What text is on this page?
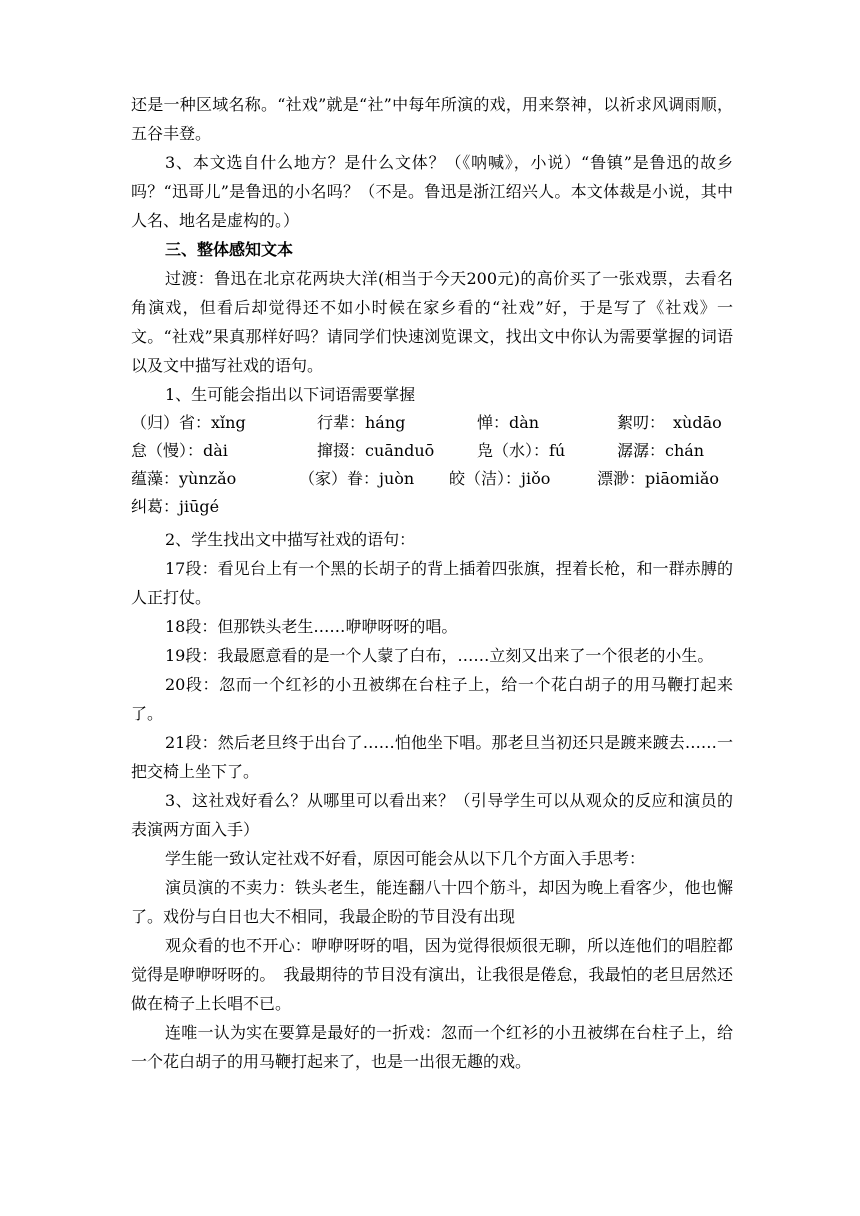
还是一种区域名称。“社戏”就是“社”中每年所演的戏，用来祭神，以祈求风调雨顺，五谷丰登。

3、本文选自什么地方？是什么文体？（《呐喊》，小说）“鲁镇”是鲁迅的故乡吗？“迅哥儿”是鲁迅的小名吗？（不是。鲁迅是浙江绍兴人。本文体裁是小说，其中人名、地名是虚构的。）

三、整体感知文本

过渡：鲁迅在北京花两块大洋(相当于今天200元)的高价买了一张戏票，去看名角演戏，但看后却觉得还不如小时候在家乡看的“社戏”好，于是写了《社戏》一文。“社戏”果真那样好吗？请同学们快速浏览课文，找出文中你认为需要掌握的词语以及文中描写社戏的语句。

1、生可能会指出以下词语需要掌握

（归）省：xǐng	行辈：háng	惮：dàn	絮叨：　xùdāo
怠（慢）：dài	撺掇：cuānduō	凫（水）：fú	潺潺：chán
蕴藻：yùnzǎo	（家）眷：juòn 皎（洁）：jiǒo	漂渺：piāomiǎo
纠葛：jiūgé

2、学生找出文中描写社戏的语句：

17段：看见台上有一个黑的长胡子的背上插着四张旗，捏着长枪，和一群赤膊的人正打仗。

18段：但那铁头老生……咿咿呀呀的唱。

19段：我最愿意看的是一个人蒙了白布，……立刻又出来了一个很老的小生。

20段：忽而一个红衫的小丑被绑在台柱子上，给一个花白胡子的用马鞭打起来了。

21段：然后老旦终于出台了……怕他坐下唱。那老旦当初还只是踱来踱去……一把交椅上坐下了。

3、这社戏好看么？从哪里可以看出来？（引导学生可以从观众的反应和演员的表演两方面入手）

学生能一致认定社戏不好看，原因可能会从以下几个方面入手思考：

演员演的不卖力：铁头老生，能连翻八十四个筋斗，却因为晚上看客少，他也懈了。戏份与白日也大不相同，我最企盼的节目没有出现

观众看的也不开心：咿咿呀呀的唱，因为觉得很烦很无聊，所以连他们的唱腔都觉得是咿咿呀呀的。　我最期待的节目没有演出，让我很是倦怠，我最怕的老旦居然还做在椅子上长唱不已。

连唯一认为实在要算是最好的一折戏：忽而一个红衫的小丑被绑在台柱子上，给一个花白胡子的用马鞭打起来了，也是一出很无趣的戏。
